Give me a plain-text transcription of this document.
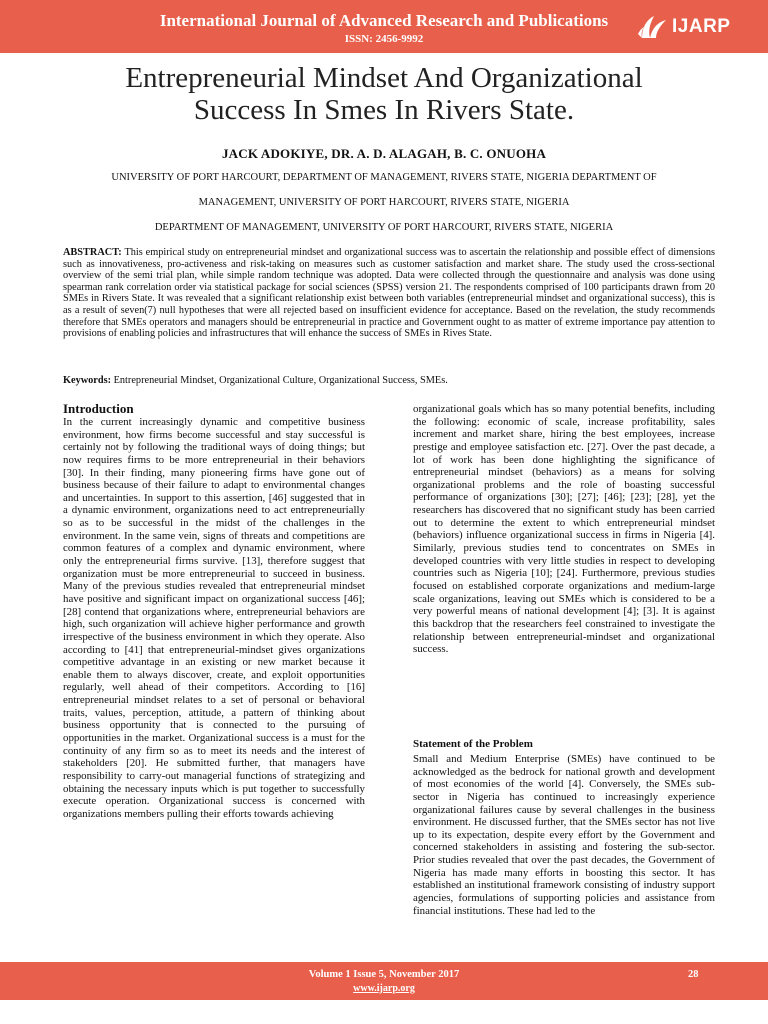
International Journal of Advanced Research and Publications
ISSN: 2456-9992
IJARP
Entrepreneurial Mindset And Organizational
Success In Smes In Rivers State.
JACK ADOKIYE, DR. A. D. ALAGAH, B. C. ONUOHA
UNIVERSITY OF PORT HARCOURT, DEPARTMENT OF MANAGEMENT, RIVERS STATE, NIGERIA DEPARTMENT OF
MANAGEMENT, UNIVERSITY OF PORT HARCOURT, RIVERS STATE, NIGERIA
DEPARTMENT OF MANAGEMENT, UNIVERSITY OF PORT HARCOURT, RIVERS STATE, NIGERIA
ABSTRACT: This empirical study on entrepreneurial mindset and organizational success was to ascertain the relationship and possible effect of dimensions such as innovativeness, pro-activeness and risk-taking on measures such as customer satisfaction and market share. The study used the cross-sectional overview of the semi trial plan, while simple random technique was adopted. Data were collected through the questionnaire and analysis was done using spearman rank correlation order via statistical package for social sciences (SPSS) version 21. The respondents comprised of 100 participants drawn from 20 SMEs in Rivers State. It was revealed that a significant relationship exist between both variables (entrepreneurial mindset and organizational success), this is as a result of seven(7) null hypotheses that were all rejected based on insufficient evidence for acceptance. Based on the revelation, the study recommends therefore that SMEs operators and managers should be entrepreneurial in practice and Government ought to as matter of extreme importance pay attention to provisions of enabling policies and infrastructures that will enhance the success of SMEs in Rives State.
Keywords: Entrepreneurial Mindset, Organizational Culture, Organizational Success, SMEs.
Introduction

In the current increasingly dynamic and competitive business environment, how firms become successful and stay successful is certainly not by following the traditional ways of doing things; but now requires firms to be more entrepreneurial in their behaviors [30]. In their finding, many pioneering firms have gone out of business because of their failure to adapt to environmental changes and uncertainties. In support to this assertion, [46] suggested that in a dynamic environment, organizations need to act entrepreneurially so as to be successful in the midst of the challenges in the environment. In the same vein, signs of threats and competitions are common features of a complex and dynamic environment, where only the entrepreneurial firms survive. [13], therefore suggest that organization must be more entrepreneurial to succeed in business. Many of the previous studies revealed that entrepreneurial mindset have positive and significant impact on organizational success [46]; [28] contend that organizations where, entrepreneurial behaviors are high, such organization will achieve higher performance and growth irrespective of the business environment in which they operate. Also according to [41] that entrepreneurial-mindset gives organizations competitive advantage in an existing or new market because it enable them to always discover, create, and exploit opportunities regularly, well ahead of their competitors. According to [16] entrepreneurial mindset relates to a set of personal or behavioral traits, values, perception, attitude, a pattern of thinking about business opportunity that is connected to the pursuing of opportunities in the market. Organizational success is a must for the continuity of any firm so as to meet its needs and the interest of stakeholders [20]. He submitted further, that managers have responsibility to carry-out managerial functions of strategizing and obtaining the necessary inputs which is put together to successfully execute operation. Organizational success is concerned with organizations members pulling their efforts towards achieving

organizational goals which has so many potential benefits, including the following: economic of scale, increase profitability, sales increment and market share, hiring the best employees, increase prestige and employee satisfaction etc. [27]. Over the past decade, a lot of work has been done highlighting the significance of entrepreneurial mindset (behaviors) as a means for solving organizational problems and the role of boasting successful performance of organizations [30]; [27]; [46]; [23]; [28], yet the researchers has discovered that no significant study has been carried out to determine the extent to which entrepreneurial mindset (behaviors) influence organizational success in firms in Nigeria [4]. Similarly, previous studies tend to concentrates on SMEs in developed countries with very little studies in respect to developing countries such as Nigeria [10]; [24]. Furthermore, previous studies focused on established corporate organizations and medium-large scale organizations, leaving out SMEs which is considered to be a very powerful means of national development [4]; [3]. It is against this backdrop that the researchers feel constrained to investigate the relationship between entrepreneurial-mindset and organizational success.

Statement of the Problem

Small and Medium Enterprise (SMEs) have continued to be acknowledged as the bedrock for national growth and development of most economies of the world [4]. Conversely, the SMEs sub-sector in Nigeria has continued to increasingly experience organizational failures cause by several challenges in the business environment. He discussed further, that the SMEs sector has not live up to its expectation, despite every effort by the Government and concerned stakeholders in assisting and fostering the sub-sector. Prior studies revealed that over the past decades, the Government of Nigeria has made many efforts in boosting this sector. It has established an institutional framework consisting of industry support agencies, formulations of supporting policies and assistance from financial institutions. These had led to the

Volume 1 Issue 5, November 2017	28
www.ijarp.org
